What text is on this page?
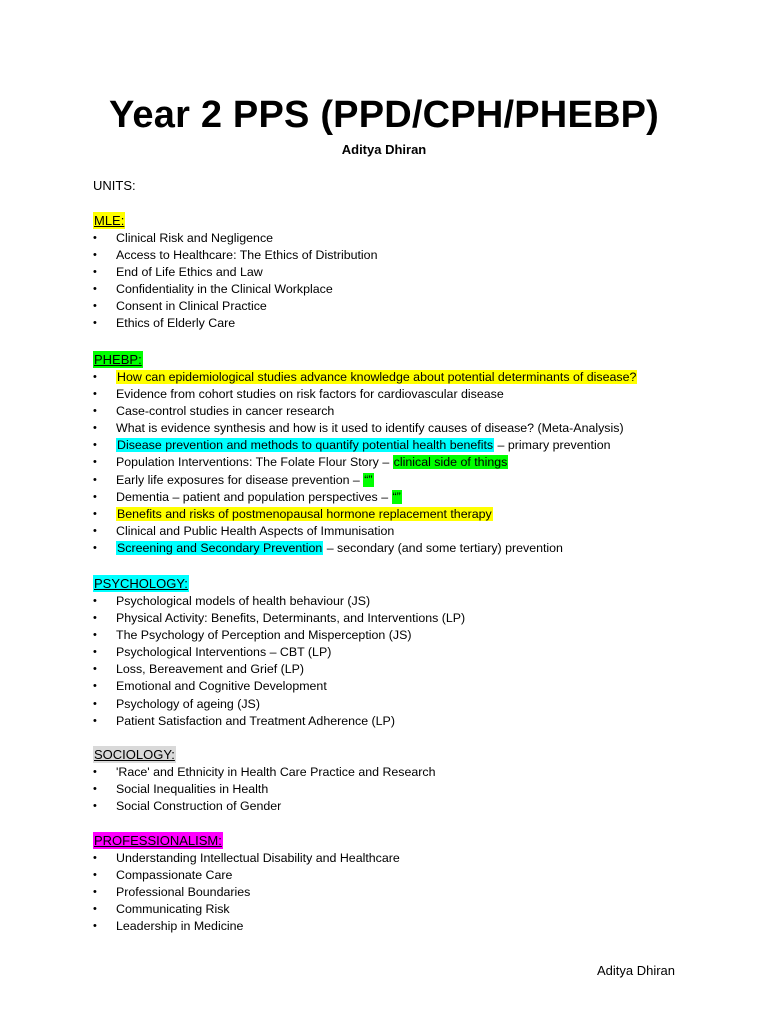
Year 2 PPS (PPD/CPH/PHEBP)
Aditya Dhiran
UNITS:
MLE:
•	Clinical Risk and Negligence
•	Access to Healthcare: The Ethics of Distribution
•	End of Life Ethics and Law
•	Confidentiality in the Clinical Workplace
•	Consent in Clinical Practice
•	Ethics of Elderly Care
PHEBP:
•	How can epidemiological studies advance knowledge about potential determinants of disease?
•	Evidence from cohort studies on risk factors for cardiovascular disease
•	Case-control studies in cancer research
•	What is evidence synthesis and how is it used to identify causes of disease? (Meta-Analysis)
•	Disease prevention and methods to quantify potential health benefits – primary prevention
•	Population Interventions: The Folate Flour Story – clinical side of things
•	Early life exposures for disease prevention – “”
•	Dementia – patient and population perspectives – “”
•	Benefits and risks of postmenopausal hormone replacement therapy
•	Clinical and Public Health Aspects of Immunisation
•	Screening and Secondary Prevention – secondary (and some tertiary) prevention
PSYCHOLOGY:
•	Psychological models of health behaviour (JS)
•	Physical Activity: Benefits, Determinants, and Interventions (LP)
•	The Psychology of Perception and Misperception (JS)
•	Psychological Interventions – CBT (LP)
•	Loss, Bereavement and Grief (LP)
•	Emotional and Cognitive Development
•	Psychology of ageing (JS)
•	Patient Satisfaction and Treatment Adherence (LP)
SOCIOLOGY:
•	'Race' and Ethnicity in Health Care Practice and Research
•	Social Inequalities in Health
•	Social Construction of Gender
PROFESSIONALISM:
•	Understanding Intellectual Disability and Healthcare
•	Compassionate Care
•	Professional Boundaries
•	Communicating Risk
•	Leadership in Medicine
Aditya Dhiran
